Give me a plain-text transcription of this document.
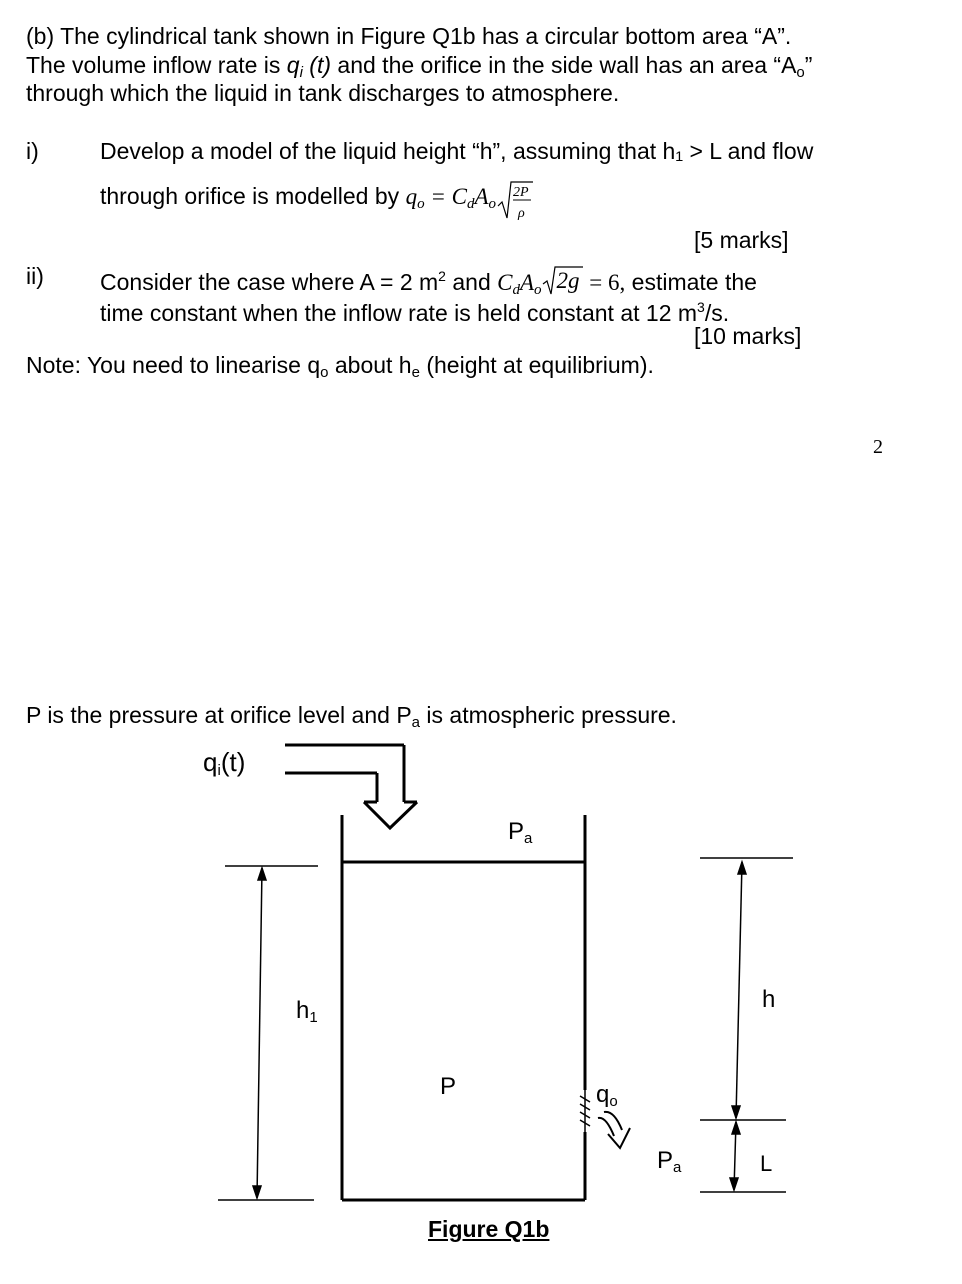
(b) The cylindrical tank shown in Figure Q1b has a circular bottom area “A”.
The volume inflow rate is $q_i$ (t) and the orifice in the side wall has an area “$A_o$”
through which the liquid in tank discharges to atmosphere.
i)	Develop a model of the liquid height “h”, assuming that h₁ > L and flow
through orifice is modelled by $q_o = C_dA_o$
2P
ρ
[5 marks]
ii) Consider the case where A = 2 $m^2$ and $C_dA_o$ 2g = 6, estimate the
time constant when the inflow rate is held constant at 12 $m^3/s$.
[10 marks]
Note: You need to linearise $q_o$ about $h_e$ (height at equilibrium).
2
P is the pressure at orifice level and $P_a$ is atmospheric pressure.
$q_i(t)$
$P_a$
$h_1$
P	$q_o$
$P_a$
h
L
Figure Q1b
